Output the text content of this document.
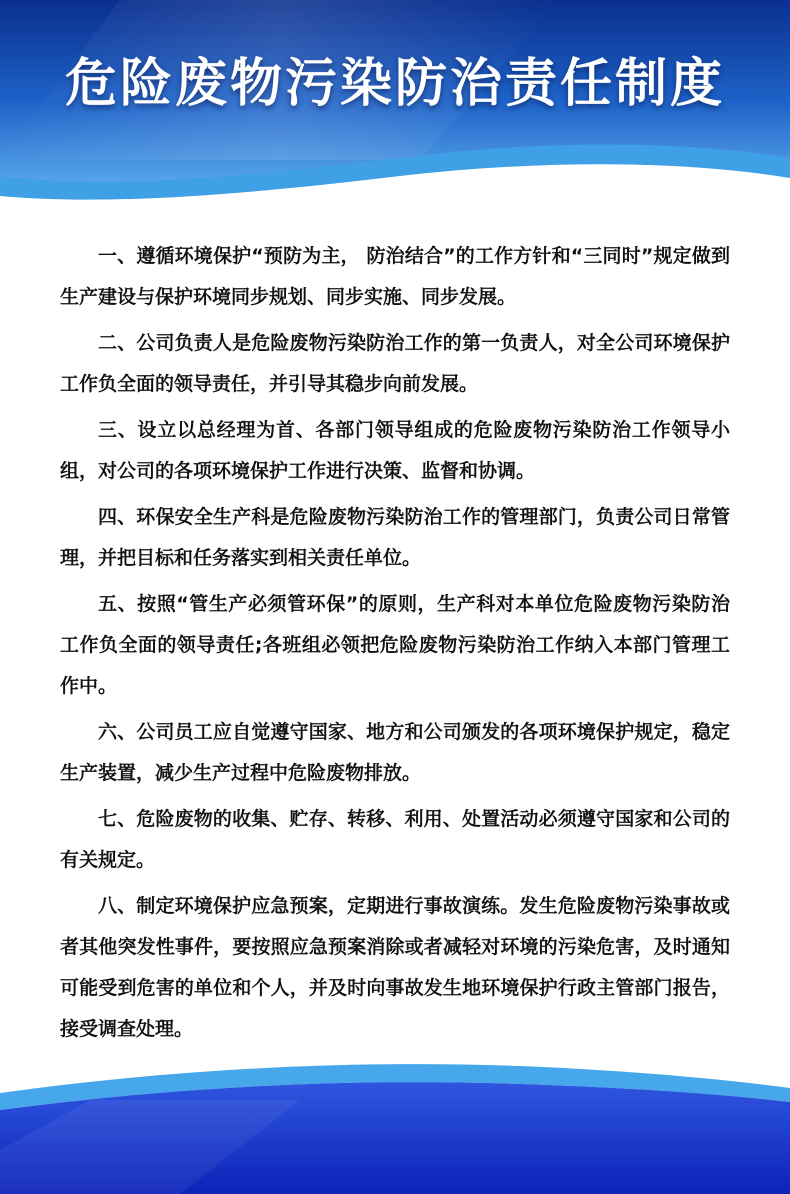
危险废物污染防治责任制度

一、遵循环境保护“预防为主， 防治结合”的工作方针和“三同时”规定做到生产建设与保护环境同步规划、同步实施、同步发展。

二、公司负责人是危险废物污染防治工作的第一负责人，对全公司环境保护工作负全面的领导责任，并引导其稳步向前发展。

三、设立以总经理为首、各部门领导组成的危险废物污染防治工作领导小组，对公司的各项环境保护工作进行决策、监督和协调。

四、环保安全生产科是危险废物污染防治工作的管理部门，负责公司日常管理，并把目标和任务落实到相关责任单位。

五、按照“管生产必须管环保”的原则，生产科对本单位危险废物污染防治工作负全面的领导责任;各班组必领把危险废物污染防治工作纳入本部门管理工作中。

六、公司员工应自觉遵守国家、地方和公司颁发的各项环境保护规定，稳定生产装置，减少生产过程中危险废物排放。

七、危险废物的收集、贮存、转移、利用、处置活动必须遵守国家和公司的有关规定。

八、制定环境保护应急预案，定期进行事故演练。发生危险废物污染事故或者其他突发性事件，要按照应急预案消除或者减轻对环境的污染危害，及时通知可能受到危害的单位和个人，并及时向事故发生地环境保护行政主管部门报告，接受调查处理。
